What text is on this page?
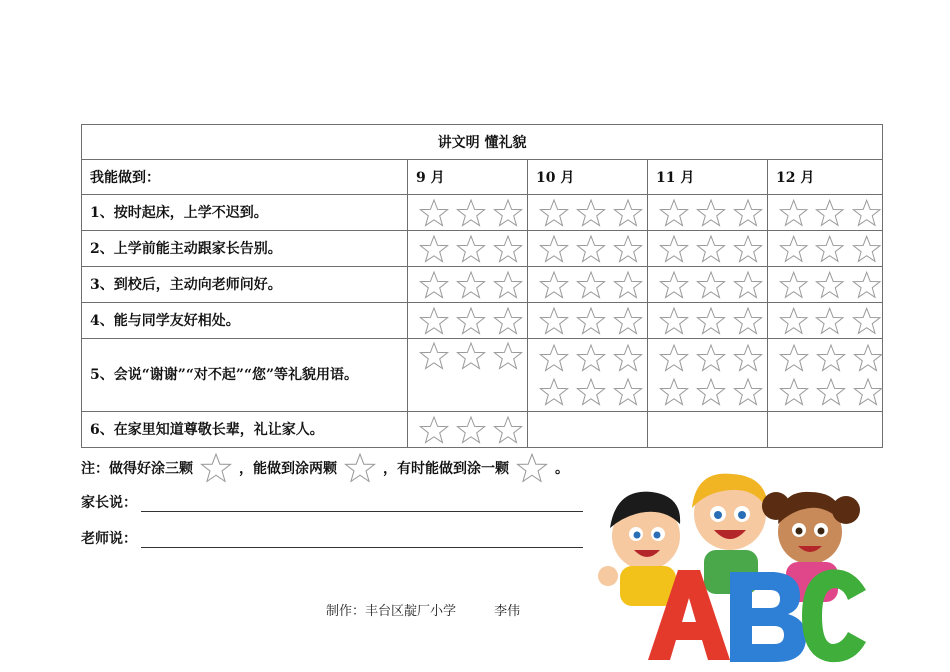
讲文明 懂礼貌				
我能做到：	9 月	10 月	11 月	12 月
1、按时起床，上学不迟到。	

2、上学前能主动跟家长告别。	

3、到校后，主动向老师问好。	

4、能与同学友好相处。	

5、会说“谢谢”“对不起”“您”等礼貌用语。	

6、在家里知道尊敬长辈，礼让家人。	

注：做得好涂三颗	，能做到涂两颗	，有时能做到涂一颗	。
家长说：
老师说：
制作：丰台区靛厂小学	李伟
